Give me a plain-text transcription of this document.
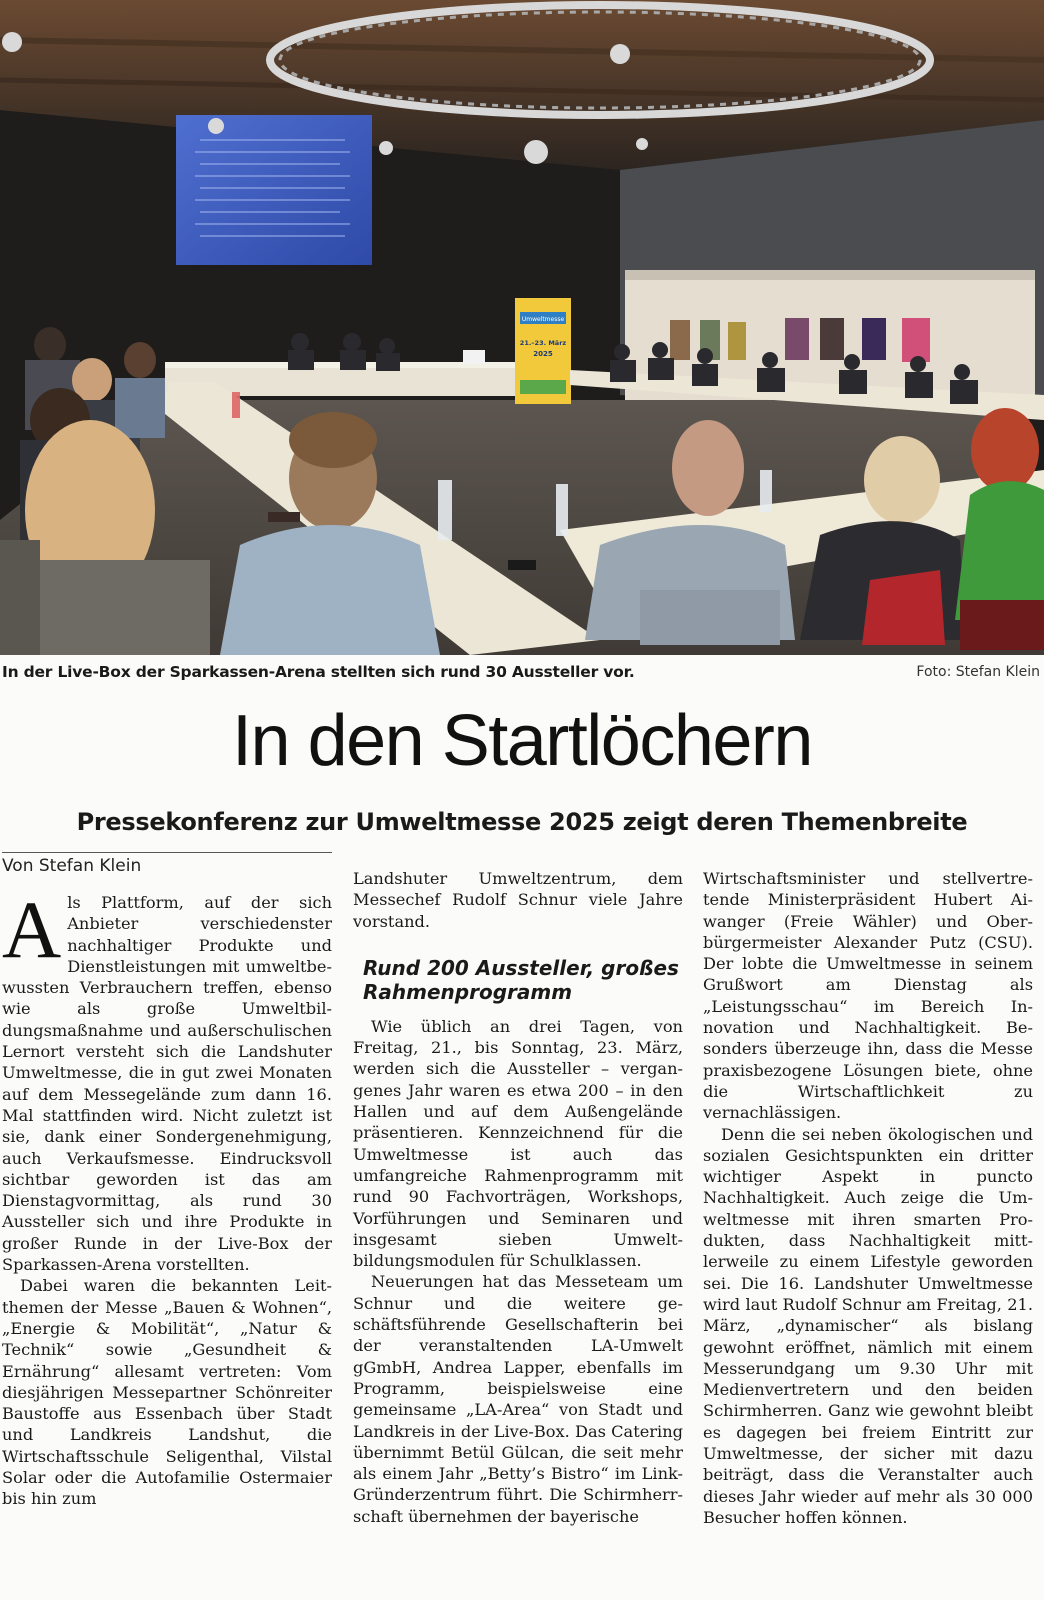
Umweltmesse
21.–23. März
2025
In der Live-Box der Sparkassen-Arena stellten sich rund 30 Aussteller vor.	Foto: Stefan Klein
In den Startlöchern
Pressekonferenz zur Umweltmesse 2025 zeigt deren Themenbreite
Von Stefan Klein

Als Plattform, auf der sich Anbieter verschiedenster nachhaltiger Produkte und Dienstleistungen mit umweltbewussten Verbrauchern treffen, ebenso wie als große Umweltbildungsmaßnahme und außerschulischen Lernort versteht sich die Landshuter Umweltmesse, die in gut zwei Monaten auf dem Messegelände zum dann 16. Mal stattfinden wird. Nicht zuletzt ist sie, dank einer Sondergenehmigung, auch Verkaufsmesse. Eindrucksvoll sichtbar geworden ist das am Dienstagvormittag, als rund 30 Aussteller sich und ihre Produkte in großer Runde in der Live-Box der Sparkassen-Arena vorstellten.

Dabei waren die bekannten Leitthemen der Messe „Bauen & Wohnen“, „Energie & Mobilität“, „Natur & Technik“ sowie „Gesundheit & Ernährung“ allesamt vertreten: Vom diesjährigen Messepartner Schönreiter Baustoffe aus Essenbach über Stadt und Landkreis Landshut, die Wirtschaftsschule Seligenthal, Vilstal Solar oder die Autofamilie Ostermaier bis hin zum

Landshuter Umweltzentrum, dem Messechef Rudolf Schnur viele Jahre vorstand.

Rund 200 Aussteller, großes Rahmenprogramm

Wie üblich an drei Tagen, von Freitag, 21., bis Sonntag, 23. März, werden sich die Aussteller – vergangenes Jahr waren es etwa 200 – in den Hallen und auf dem Außengelände präsentieren. Kennzeichnend für die Umweltmesse ist auch das umfangreiche Rahmenprogramm mit rund 90 Fachvorträgen, Workshops, Vorführungen und Seminaren und insgesamt sieben Umweltbildungsmodulen für Schulklassen.

Neuerungen hat das Messeteam um Schnur und die weitere geschäftsführende Gesellschafterin bei der veranstaltenden LA-Umwelt gGmbH, Andrea Lapper, ebenfalls im Programm, beispielsweise eine gemeinsame „LA-Area“ von Stadt und Landkreis in der Live-Box. Das Catering übernimmt Betül Gülcan, die seit mehr als einem Jahr „Betty’s Bistro“ im Link-Gründerzentrum führt. Die Schirmherrschaft übernehmen der bayerische

Wirtschaftsminister und stellvertretende Ministerpräsident Hubert Aiwanger (Freie Wähler) und Oberbürgermeister Alexander Putz (CSU). Der lobte die Umweltmesse in seinem Grußwort am Dienstag als „Leistungsschau“ im Bereich Innovation und Nachhaltigkeit. Besonders überzeuge ihn, dass die Messe praxisbezogene Lösungen biete, ohne die Wirtschaftlichkeit zu vernachlässigen.

Denn die sei neben ökologischen und sozialen Gesichtspunkten ein dritter wichtiger Aspekt in puncto Nachhaltigkeit. Auch zeige die Umweltmesse mit ihren smarten Produkten, dass Nachhaltigkeit mittlerweile zu einem Lifestyle geworden sei. Die 16. Landshuter Umweltmesse wird laut Rudolf Schnur am Freitag, 21. März, „dynamischer“ als bislang gewohnt eröffnet, nämlich mit einem Messerundgang um 9.30 Uhr mit Medienvertretern und den beiden Schirmherren. Ganz wie gewohnt bleibt es dagegen bei freiem Eintritt zur Umweltmesse, der sicher mit dazu beiträgt, dass die Veranstalter auch dieses Jahr wieder auf mehr als 30 000 Besucher hoffen können.
